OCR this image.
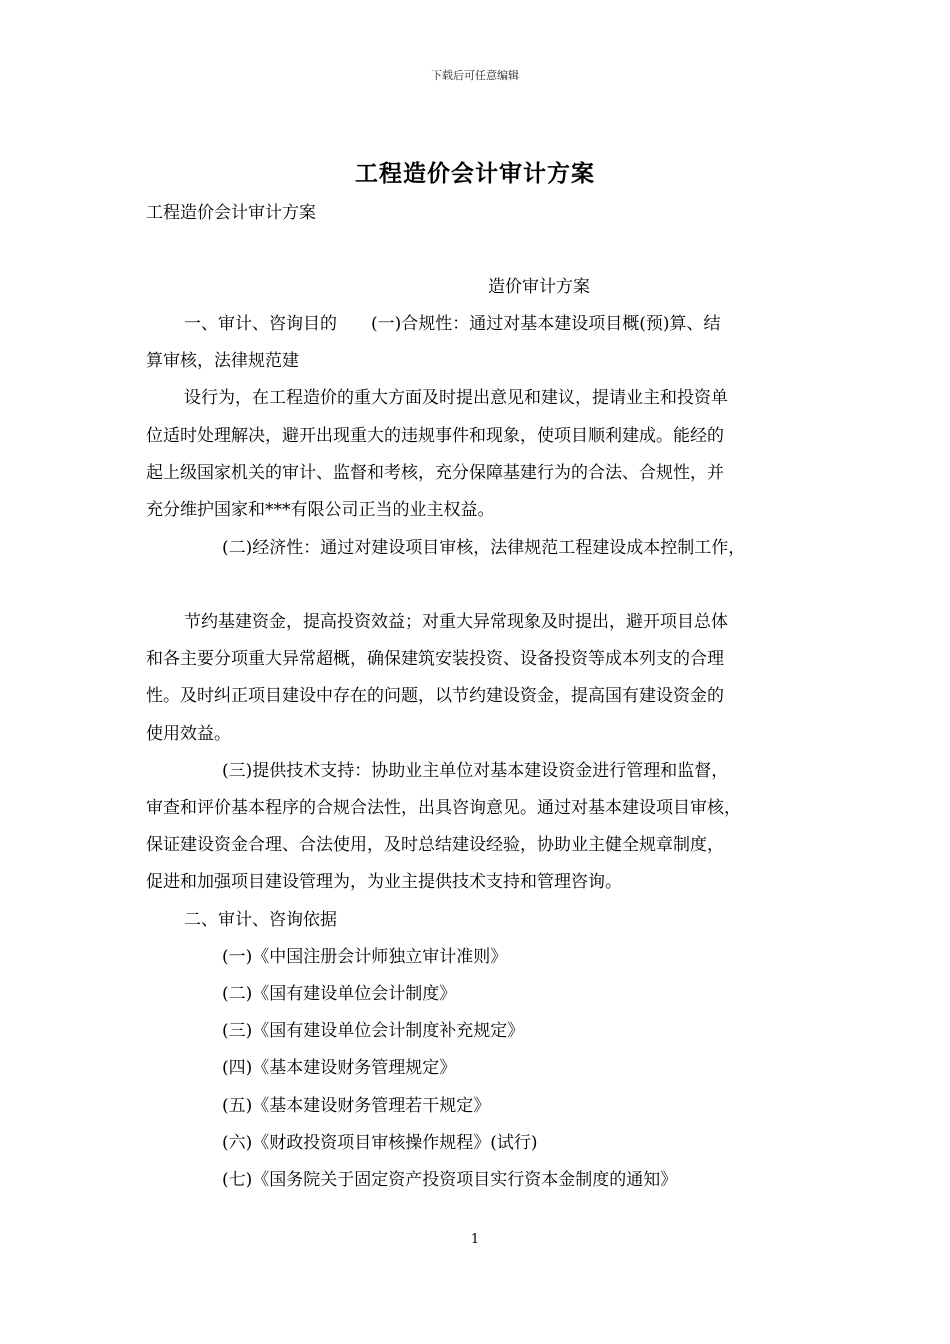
下载后可任意编辑
工程造价会计审计方案
工程造价会计审计方案
造价审计方案
一、审计、咨询目的　　(一)合规性：通过对基本建设项目概(预)算、结
算审核，法律规范建
设行为，在工程造价的重大方面及时提出意见和建议，提请业主和投资单
位适时处理解决，避开出现重大的违规事件和现象，使项目顺利建成。能经的
起上级国家机关的审计、监督和考核，充分保障基建行为的合法、合规性，并
充分维护国家和***有限公司正当的业主权益。
(二)经济性：通过对建设项目审核，法律规范工程建设成本控制工作，
节约基建资金，提高投资效益；对重大异常现象及时提出，避开项目总体
和各主要分项重大异常超概，确保建筑安装投资、设备投资等成本列支的合理
性。及时纠正项目建设中存在的问题，以节约建设资金，提高国有建设资金的
使用效益。
(三)提供技术支持：协助业主单位对基本建设资金进行管理和监督，
审查和评价基本程序的合规合法性，出具咨询意见。通过对基本建设项目审核，
保证建设资金合理、合法使用，及时总结建设经验，协助业主健全规章制度，
促进和加强项目建设管理为，为业主提供技术支持和管理咨询。
二、审计、咨询依据
(一)《中国注册会计师独立审计准则》
(二)《国有建设单位会计制度》
(三)《国有建设单位会计制度补充规定》
(四)《基本建设财务管理规定》
(五)《基本建设财务管理若干规定》
(六)《财政投资项目审核操作规程》(试行)
(七)《国务院关于固定资产投资项目实行资本金制度的通知》
1
